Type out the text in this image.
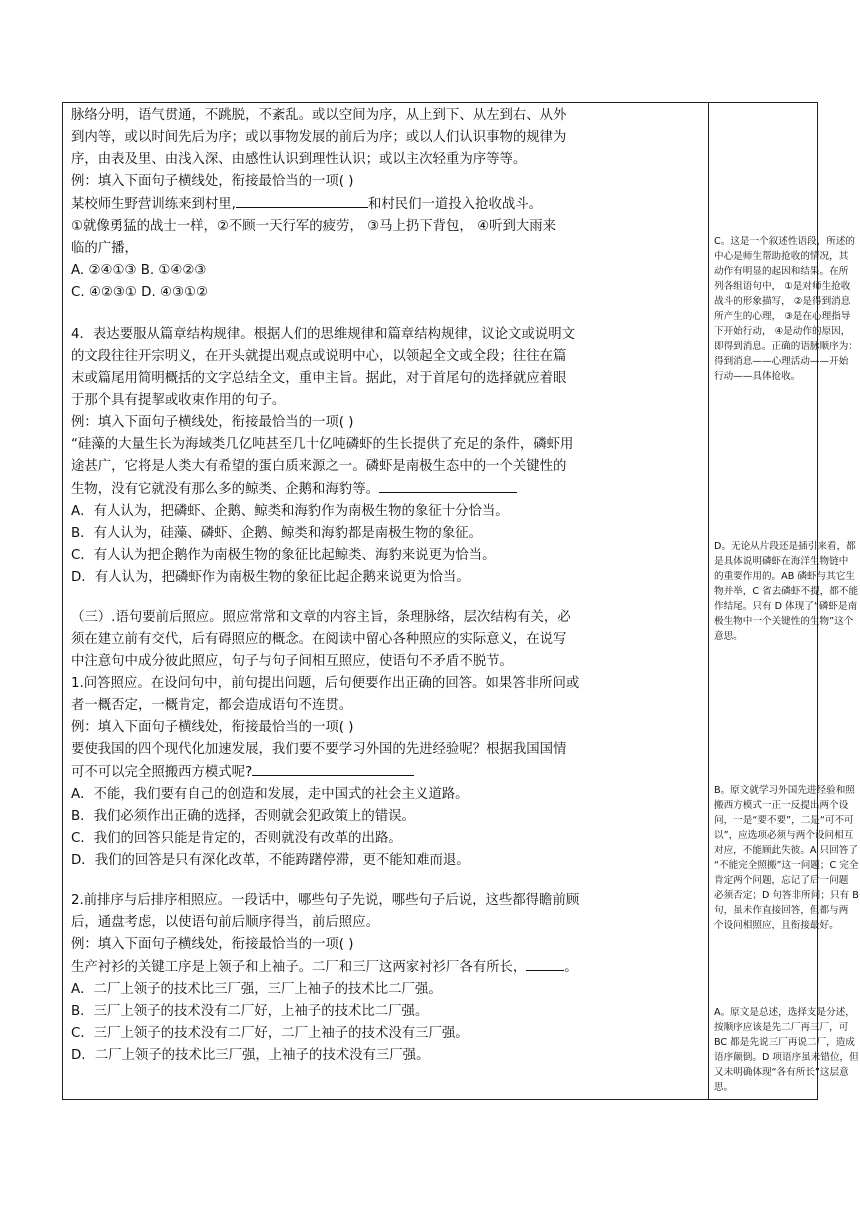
脉络分明，语气贯通，不跳脱，不紊乱。或以空间为序，从上到下、从左到右、从外

到内等，或以时间先后为序；或以事物发展的前后为序；或以人们认识事物的规律为

序，由表及里、由浅入深、由感性认识到理性认识；或以主次轻重为序等等。

例：填入下面句子横线处，衔接最恰当的一项( )

某校师生野营训练来到村里,	和村民们一道投入抢收战斗。

①就像勇猛的战士一样，②不顾一天行军的疲劳， ③马上扔下背包， ④听到大雨来

临的广播，

A. ②④①③ B. ①④②③

C. ④②③① D. ④③①②

4．表达要服从篇章结构规律。根据人们的思维规律和篇章结构规律，议论文或说明文

的文段往往开宗明义，在开头就提出观点或说明中心，以领起全文或全段；往往在篇

末或篇尾用简明概括的文字总结全文，重申主旨。据此，对于首尾句的选择就应着眼

于那个具有提挈或收束作用的句子。

例：填入下面句子横线处，衔接最恰当的一项( )

“硅藻的大量生长为海域类几亿吨甚至几十亿吨磷虾的生长提供了充足的条件，磷虾用

途甚广，它将是人类大有希望的蛋白质来源之一。磷虾是南极生态中的一个关键性的

生物，没有它就没有那么多的鲸类、企鹅和海豹等。

A．有人认为，把磷虾、企鹅、鲸类和海豹作为南极生物的象征十分恰当。

B．有人认为，硅藻、磷虾、企鹅、鲸类和海豹都是南极生物的象征。

C．有人认为把企鹅作为南极生物的象征比起鲸类、海豹来说更为恰当。

D．有人认为，把磷虾作为南极生物的象征比起企鹅来说更为恰当。

（三）.语句要前后照应。照应常常和文章的内容主旨，条理脉络，层次结构有关，必

须在建立前有交代，后有碍照应的概念。在阅读中留心各种照应的实际意义，在说写

中注意句中成分彼此照应，句子与句子间相互照应，使语句不矛盾不脱节。

1.问答照应。在设问句中，前句提出问题，后句便要作出正确的回答。如果答非所问或

者一概否定，一概肯定，都会造成语句不连贯。

例：填入下面句子横线处，衔接最恰当的一项( )

要使我国的四个现代化加速发展，我们要不要学习外国的先进经验呢？根据我国国情

可不可以完全照搬西方模式呢?

A．不能，我们要有自己的创造和发展，走中国式的社会主义道路。

B．我们必须作出正确的选择，否则就会犯政策上的错误。

C．我们的回答只能是肯定的，否则就没有改革的出路。

D．我们的回答是只有深化改革，不能踌躇停滞，更不能知难而退。

2.前排序与后排序相照应。一段话中，哪些句子先说，哪些句子后说，这些都得瞻前顾

后，通盘考虑，以使语句前后顺序得当，前后照应。

例：填入下面句子横线处，衔接最恰当的一项( )

生产衬衫的关键工序是上领子和上袖子。二厂和三厂这两家衬衫厂各有所长，	。

A．二厂上领子的技术比三厂强，三厂上袖子的技术比二厂强。

B．三厂上领子的技术没有二厂好，上袖子的技术比二厂强。

C．三厂上领子的技术没有二厂好，二厂上袖子的技术没有三厂强。

D．二厂上领子的技术比三厂强，上袖子的技术没有三厂强。

C。这是一个叙述性语段，所述的

中心是师生帮助抢收的情况，其

动作有明显的起因和结果。在所

列各组语句中， ①是对师生抢收

战斗的形象描写， ②是得到消息

所产生的心理， ③是在心理指导

下开始行动， ④是动作的原因，

即得到消息。正确的语脉顺序为：

得到消息——心理活动——开始

行动——具体抢收。

D。无论从片段还是插引来看，都

是具体说明磷虾在海洋生物链中

的重要作用的。AB 磷虾与其它生

物并举，C 省去磷虾不提，都不能

作结尾。只有 D 体现了“磷虾是南

极生物中一个关键性的生物”这个

意思。

B。原文就学习外国先进经验和照

搬西方模式一正一反提出两个设

问，一是“要不要”，二是“可不可

以”，应选项必须与两个设问相互

对应，不能顾此失彼。A 只回答了

“不能完全照搬”这一问题；C 完全

肯定两个问题，忘记了后一问题

必须否定；D 句答非所问；只有 B

句，虽未作直接回答，但都与两

个设问相照应，且衔接最好。

A。原文是总述，选择支是分述，

按顺序应该是先二厂再三厂，可

BC 都是先说三厂再说二厂，造成

语序颠倒。D 项语序虽未错位，但

又未明确体现“各有所长”这层意

思。
